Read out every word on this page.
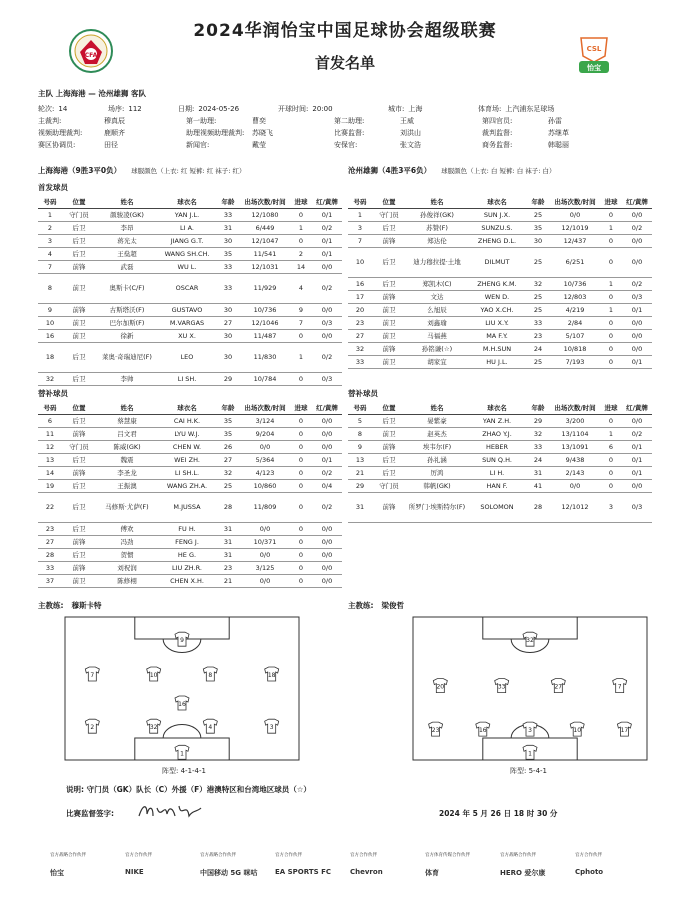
CFA
2024华润怡宝中国足球协会超级联赛
首发名单
CSL
怡宝
主队 上海海港 — 沧州雄狮 客队
轮次: 14	场序: 112	日期: 2024-05-26	开球时间: 20:00	城市: 上海	体育场: 上汽浦东足球场
主裁判:	穆真辰	第一助理:	曹奕	第二助理:	王威	第四官员:	孙雷
视频助理裁判:	鹿顺齐	助理视频助理裁判: 苏晓飞	比赛监督:	刘洪山	裁判监督:	苏继革
赛区协调员:	田径	新闻官:	戴莹	安保官:	张文浩	商务监督:	韩聪丽
上海海港（9胜3平0负） 球服颜色（上衣: 红 短裤: 红 袜子: 红）	沧州雄狮（4胜3平6负） 球服颜色（上衣: 白 短裤: 白 袜子: 白）
首发球员
号码	位置	姓名	球衣名	年龄	出场次数/时间	进球	红/黄牌
1	守门员	颜骏凌(GK)	YAN J.L.	33	12/1080	0	0/1
2	后卫	李昂	LI A.	31	6/449	1	0/2
3	后卫	蒋光太	JIANG G.T.	30	12/1047	0	0/1
4	后卫	王燊超	WANG SH.CH.	35	11/541	2	0/1
7	前锋	武磊	WU L.	33	12/1031	14	0/0
8	前卫	奥斯卡(C/F)	OSCAR	33	11/929	4	0/2
9	前锋	古斯塔沃(F)	GUSTAVO	30	10/736	9	0/0
10	前卫	巴尔加斯(F)	M.VARGAS	27	12/1046	7	0/3
16	前卫	徐新	XU X.	30	11/487	0	0/0
18	后卫	莱奥·奇瑞迪尼(F)	LEO	30	11/830	1	0/2
32	后卫	李帅	LI SH.	29	10/784	0	0/3
号码	位置	姓名	球衣名	年龄	出场次数/时间	进球	红/黄牌
1	守门员	孙俊祥(GK)	SUN J.X.	25	0/0	0	0/0
3	后卫	苏赞(F)	SUNZU.S.	35	12/1019	1	0/2
7	前锋	郑达伦	ZHENG D.L.	30	12/437	0	0/0
10	后卫	迪力穆拉提·土地	DILMUT	25	6/251	0	0/0
16	后卫	郑凯木(C)	ZHENG K.M.	32	10/736	1	0/2
17	前锋	文达	WEN D.	25	12/803	0	0/3
20	前卫	么旭辰	YAO X.CH.	25	4/219	1	0/1
23	前卫	刘鑫瑜	LIU X.Y.	33	2/84	0	0/0
27	前卫	马福燕	MA F.Y.	23	5/107	0	0/0
32	前锋	孙铭谦(☆)	M.H.SUN	24	10/818	0	0/0
33	前卫	胡家宜	HU J.L.	25	7/193	0	0/1
替补球员	替补球员
号码	位置	姓名	球衣名	年龄	出场次数/时间	进球	红/黄牌
6	后卫	蔡慧康	CAI H.K.	35	3/124	0	0/0
11	前锋	吕文君	LYU W.J.	35	9/204	0	0/0
12	守门员	陈威(GK)	CHEN W.	26	0/0	0	0/0
13	后卫	魏震	WEI ZH.	27	5/364	0	0/1
14	前锋	李圣龙	LI SH.L.	32	4/123	0	0/2
19	后卫	王振澳	WANG ZH.A.	25	10/860	0	0/4
22	后卫	马修斯·尤萨(F)	M.JUSSA	28	11/809	0	0/2
23	后卫	傅欢	FU H.	31	0/0	0	0/0
27	前锋	冯劲	FENG J.	31	10/371	0	0/0
28	后卫	贺惯	HE G.	31	0/0	0	0/0
33	前锋	刘祝润	LIU ZH.R.	23	3/125	0	0/0
37	前卫	陈修栩	CHEN X.H.	21	0/0	0	0/0
号码	位置	姓名	球衣名	年龄	出场次数/时间	进球	红/黄牌
5	后卫	晏紫豪	YAN Z.H.	29	3/200	0	0/0
8	前卫	赵英杰	ZHAO Y.J.	32	13/1104	1	0/2
9	前锋	埃韦尔(F)	HEBER	33	13/1091	6	0/1
13	后卫	孙礼涵	SUN Q.H.	24	9/438	0	0/1
21	后卫	厉鸿	LI H.	31	2/143	0	0/1
29	守门员	韩帆(GK)	HAN F.	41	0/0	0	0/0
31	前锋	所罗门·埃斯特尔(F)	SOLOMON	28	12/1012	3	0/3
主教练: 穆斯卡特	主教练: 梁俊哲
1
2	32	4	3
16
7	10	8	18
9
1
23	16	3	10	17
20	33	27	7
32
阵型: 4-1-4-1	阵型: 5-4-1
说明: 守门员（GK）队长（C）外援（F）港澳特区和台湾地区球员（☆）
比赛监督签字:	2024 年 5 月 26 日 18 时 30 分
官方战略合作伙伴
怡宝
官方合作伙伴
NIKE
官方战略合作伙伴
中国移动 5G 咪咕
官方合作伙伴
EA SPORTS FC
官方合作伙伴
Chevron
官方体育传媒合作伙伴
体育
官方战略合作伙伴
HERO 爱尔康
官方合作伙伴
Cphoto
